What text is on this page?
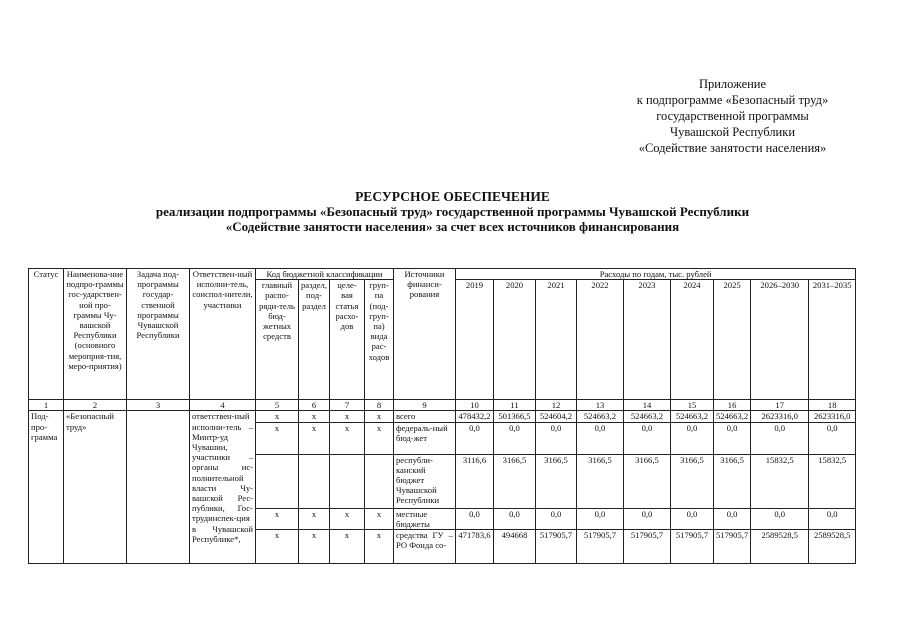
Приложение
к подпрограмме «Безопасный труд»
государственной программы
Чувашской Республики
«Содействие занятости населения»
РЕСУРСНОЕ ОБЕСПЕЧЕНИЕ
реализации подпрограммы «Безопасный труд» государственной программы Чувашской Республики
«Содействие занятости населения» за счет всех источников финансирования
Статус	Наименова-ние подпро-граммы гос-ударствен-ной про-граммы Чу-вашской Республики (основного мероприя-тия, меро-приятия)	Задача под-программы государ-ственной программы Чувашской Республики	Ответствен-ный исполни-тель, соиспол-нители, участники	Код бюджетной классификации				Источники финанси-рования	Расходы по годам, тыс. рублей								
				главный распо-ряди-тель бюд-жетных средств	раздел, под-раздел	целе-вая статья расхо-дов	груп-па (под-груп-па) вида рас-ходов		2019	2020	2021	2022	2023	2024	2025	2026–2030	2031–2035
1	2	3	4	5	6	7	8	9	10	11	12	13	14	15	16	17	18
Под-про-грамма	«Безопасный труд»		ответствен-ный исполни-тель – Минтр-уд Чувашии, участники – органы ис-полнительной власти Чу-вашской Рес-публики, Гос-трудинспек-ция в Чувашской Республике*,	x	x	x	x	всего	478432,2	501366,5	524604,2	524663,2	524663,2	524663,2	524663,2	2623316,0	2623316,0
				x	x	x	x	федераль-ный бюд-жет	0,0	0,0	0,0	0,0	0,0	0,0	0,0	0,0	0,0
								республи-канский бюджет Чувашской Республики	3116,6	3166,5	3166,5	3166,5	3166,5	3166,5	3166,5	15832,5	15832,5
				x	x	x	x	местные бюджеты	0,0	0,0	0,0	0,0	0,0	0,0	0,0	0,0	0,0
				x	x	x	x	средства ГУ – РО Фонда со-	471783,6	494668	517905,7	517905,7	517905,7	517905,7	517905,7	2589528,5	2589528,5
